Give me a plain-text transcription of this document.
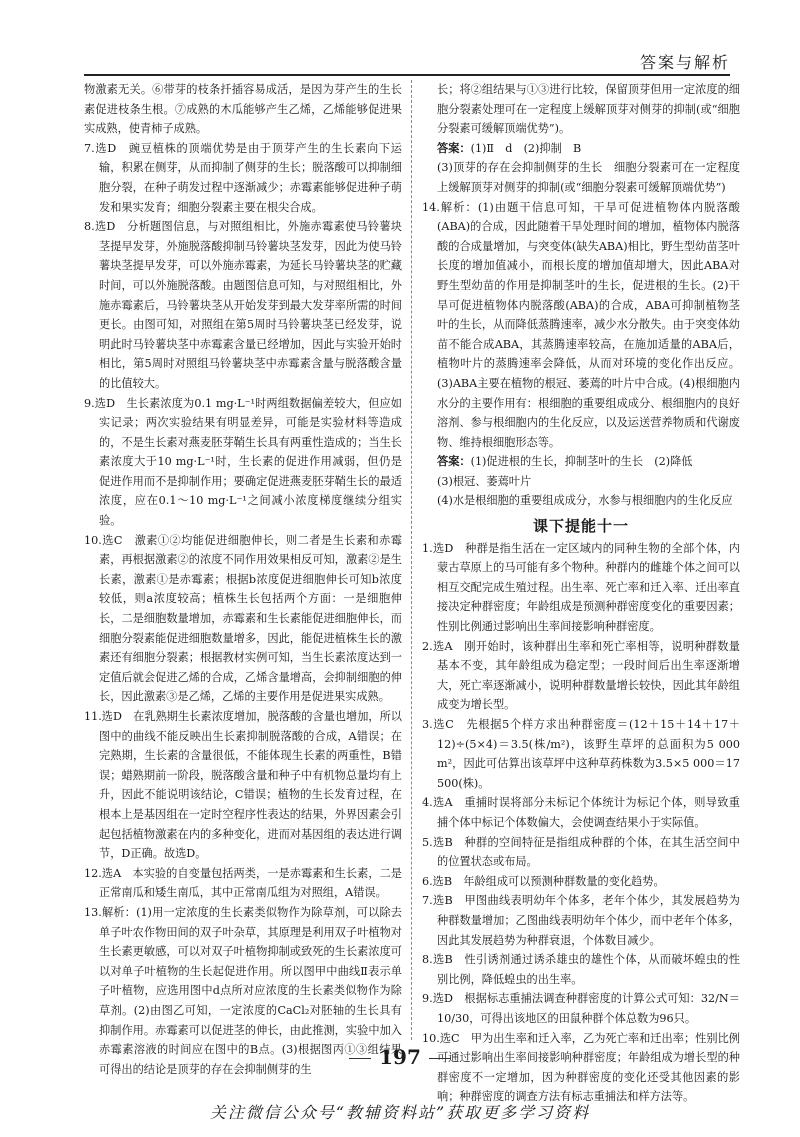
答案与解析

物激素无关。⑥带芽的枝条扦插容易成活，是因为芽产生的生长素促进枝条生根。⑦成熟的木瓜能够产生乙烯，乙烯能够促进果实成熟，使青柿子成熟。

7.选D　豌豆植株的顶端优势是由于顶芽产生的生长素向下运输，积累在侧芽，从而抑制了侧芽的生长；脱落酸可以抑制细胞分裂，在种子萌发过程中逐渐减少；赤霉素能够促进种子萌发和果实发育；细胞分裂素主要在根尖合成。

8.选D　分析题图信息，与对照组相比，外施赤霉素使马铃薯块茎提早发芽，外施脱落酸抑制马铃薯块茎发芽，因此为使马铃薯块茎提早发芽，可以外施赤霉素，为延长马铃薯块茎的贮藏时间，可以外施脱落酸。由题图信息可知，与对照组相比，外施赤霉素后，马铃薯块茎从开始发芽到最大发芽率所需的时间更长。由图可知，对照组在第5周时马铃薯块茎已经发芽，说明此时马铃薯块茎中赤霉素含量已经增加，因此与实验开始时相比，第5周时对照组马铃薯块茎中赤霉素含量与脱落酸含量的比值较大。

9.选D　生长素浓度为0.1 mg·L⁻¹时两组数据偏差较大，但应如实记录；两次实验结果有明显差异，可能是实验材料等造成的，不是生长素对燕麦胚芽鞘生长具有两重性造成的；当生长素浓度大于10 mg·L⁻¹时，生长素的促进作用减弱，但仍是促进作用而不是抑制作用；要确定促进燕麦胚芽鞘生长的最适浓度，应在0.1～10 mg·L⁻¹之间减小浓度梯度继续分组实验。

10.选C　激素①②均能促进细胞伸长，则二者是生长素和赤霉素，再根据激素②的浓度不同作用效果相反可知，激素②是生长素，激素①是赤霉素；根据b浓度促进细胞伸长可知b浓度较低，则a浓度较高；植株生长包括两个方面：一是细胞伸长，二是细胞数量增加，赤霉素和生长素能促进细胞伸长，而细胞分裂素能促进细胞数量增多，因此，能促进植株生长的激素还有细胞分裂素；根据教材实例可知，当生长素浓度达到一定值后就会促进乙烯的合成，乙烯含量增高，会抑制细胞的伸长，因此激素③是乙烯，乙烯的主要作用是促进果实成熟。

11.选D　在乳熟期生长素浓度增加，脱落酸的含量也增加，所以图中的曲线不能反映出生长素抑制脱落酸的合成，A错误；在完熟期，生长素的含量很低，不能体现生长素的两重性，B错误；蜡熟期前一阶段，脱落酸含量和种子中有机物总量均有上升，因此不能说明该结论，C错误；植物的生长发育过程，在根本上是基因组在一定时空程序性表达的结果，外界因素会引起包括植物激素在内的多种变化，进而对基因组的表达进行调节，D正确。故选D。

12.选A　本实验的自变量包括两类，一是赤霉素和生长素，二是正常南瓜和矮生南瓜，其中正常南瓜组为对照组，A错误。

13.解析：(1)用一定浓度的生长素类似物作为除草剂，可以除去单子叶农作物田间的双子叶杂草，其原理是利用双子叶植物对生长素更敏感，可以对双子叶植物抑制或致死的生长素浓度可以对单子叶植物的生长起促进作用。所以图甲中曲线Ⅱ表示单子叶植物，应选用图中d点所对应浓度的生长素类似物作为除草剂。(2)由图乙可知，一定浓度的CaCl₂对胚轴的生长具有抑制作用。赤霉素可以促进茎的伸长，由此推测，实验中加入赤霉素溶液的时间应在图中的B点。(3)根据图丙①③组结果可得出的结论是顶芽的存在会抑制侧芽的生

长；将②组结果与①③进行比较，保留顶芽但用一定浓度的细胞分裂素处理可在一定程度上缓解顶芽对侧芽的抑制(或“细胞分裂素可缓解顶端优势”)。

答案：(1)Ⅱ　d　(2)抑制　B

(3)顶芽的存在会抑制侧芽的生长　细胞分裂素可在一定程度上缓解顶芽对侧芽的抑制(或“细胞分裂素可缓解顶端优势”)

14.解析：(1)由题干信息可知，干旱可促进植物体内脱落酸(ABA)的合成，因此随着干旱处理时间的增加，植物体内脱落酸的合成量增加，与突变体(缺失ABA)相比，野生型幼苗茎叶长度的增加值减小，而根长度的增加值却增大，因此ABA对野生型幼苗的作用是抑制茎叶的生长，促进根的生长。(2)干旱可促进植物体内脱落酸(ABA)的合成，ABA可抑制植物茎叶的生长，从而降低蒸腾速率，减少水分散失。由于突变体幼苗不能合成ABA，其蒸腾速率较高，在施加适量的ABA后，植物叶片的蒸腾速率会降低，从而对环境的变化作出反应。(3)ABA主要在植物的根冠、萎蔫的叶片中合成。(4)根细胞内水分的主要作用有：根细胞的重要组成成分、根细胞内的良好溶剂、参与根细胞内的生化反应，以及运送营养物质和代谢废物、维持根细胞形态等。

答案：(1)促进根的生长，抑制茎叶的生长　(2)降低

(3)根冠、萎蔫叶片

(4)水是根细胞的重要组成成分，水参与根细胞内的生化反应

课下提能十一

1.选D　种群是指生活在一定区域内的同种生物的全部个体，内蒙古草原上的马可能有多个物种。种群内的雌雄个体之间可以相互交配完成生殖过程。出生率、死亡率和迁入率、迁出率直接决定种群密度；年龄组成是预测种群密度变化的重要因素；性别比例通过影响出生率间接影响种群密度。

2.选A　刚开始时，该种群出生率和死亡率相等，说明种群数量基本不变，其年龄组成为稳定型；一段时间后出生率逐渐增大，死亡率逐渐减小，说明种群数量增长较快，因此其年龄组成变为增长型。

3.选C　先根据5个样方求出种群密度＝(12＋15＋14＋17＋12)÷(5×4)＝3.5(株/m²)，该野生草坪的总面积为5 000 m²，因此可估算出该草坪中这种草药株数为3.5×5 000＝17 500(株)。

4.选A　重捕时误将部分未标记个体统计为标记个体，则导致重捕个体中标记个体数偏大，会使调查结果小于实际值。

5.选B　种群的空间特征是指组成种群的个体，在其生活空间中的位置状态或布局。

6.选B　年龄组成可以预测种群数量的变化趋势。

7.选B　甲图曲线表明幼年个体多，老年个体少，其发展趋势为种群数量增加；乙图曲线表明幼年个体少，而中老年个体多，因此其发展趋势为种群衰退，个体数目减少。

8.选B　性引诱剂通过诱杀雄虫的雄性个体，从而破坏蝗虫的性别比例，降低蝗虫的出生率。

9.选D　根据标志重捕法调查种群密度的计算公式可知：32/N＝10/30，可得出该地区的田鼠种群个体总数为96只。

10.选C　甲为出生率和迁入率，乙为死亡率和迁出率；性别比例可通过影响出生率间接影响种群密度；年龄组成为增长型的种群密度不一定增加，因为种群密度的变化还受其他因素的影响；种群密度的调查方法有标志重捕法和样方法等。

197
关注微信公众号“教辅资料站”获取更多学习资料
